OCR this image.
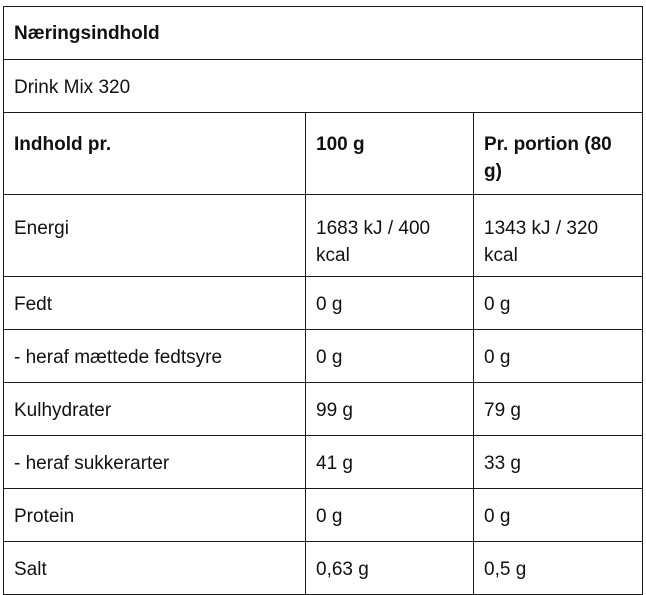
Næringsindhold		
Drink Mix 320		
Indhold pr.	100 g	Pr. portion (80 g)
Energi	1683 kJ / 400 kcal	1343 kJ / 320 kcal
Fedt	0 g	0 g
- heraf mættede fedtsyre	0 g	0 g
Kulhydrater	99 g	79 g
- heraf sukkerarter	41 g	33 g
Protein	0 g	0 g
Salt	0,63 g	0,5 g
